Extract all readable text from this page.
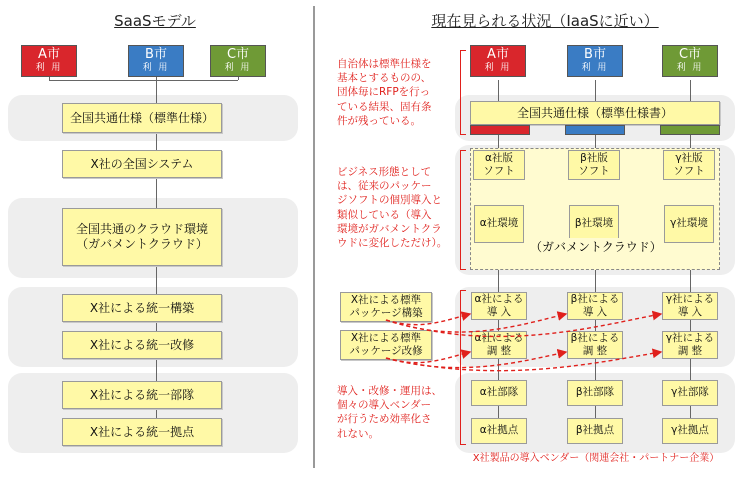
SaaSモデル
A市
利 用
B市
利 用
C市
利 用
全国共通仕様（標準仕様）
X社の全国システム
全国共通のクラウド環境
（ガバメントクラウド）
X社による統一構築
X社による統一改修
X社による統一部隊
X社による統一拠点
現在見られる状況（IaaSに近い）
A市
利 用
B市
利 用
C市
利 用
全国共通仕様（標準仕様書）
α社版
ソフト
β社版
ソフト
γ社版
ソフト
α社環境	β社環境	γ社環境
（ガバメントクラウド）
X社による標準
パッケージ構築
X社による標準
パッケージ改修
α社による
導 入
β社による
導 入
γ社による
導 入
α社による
調 整
β社による
調 整
γ社による
調 整
α社部隊	β社部隊	γ社部隊
α社拠点	β社拠点	γ社拠点
自治体は標準仕様を
基本とするものの、
団体毎にRFPを行っ
ている結果、固有条
件が残っている。
ビジネス形態として
は、従来のパッケー
ジソフトの個別導入と
類似している（導入
環境がガバメントクラ
ウドに変化しただけ）。
導入・改修・運用は、
個々の導入ベンダー
が行うため効率化さ
れない。
X社製品の導入ベンダー（関連会社・パートナー企業）
